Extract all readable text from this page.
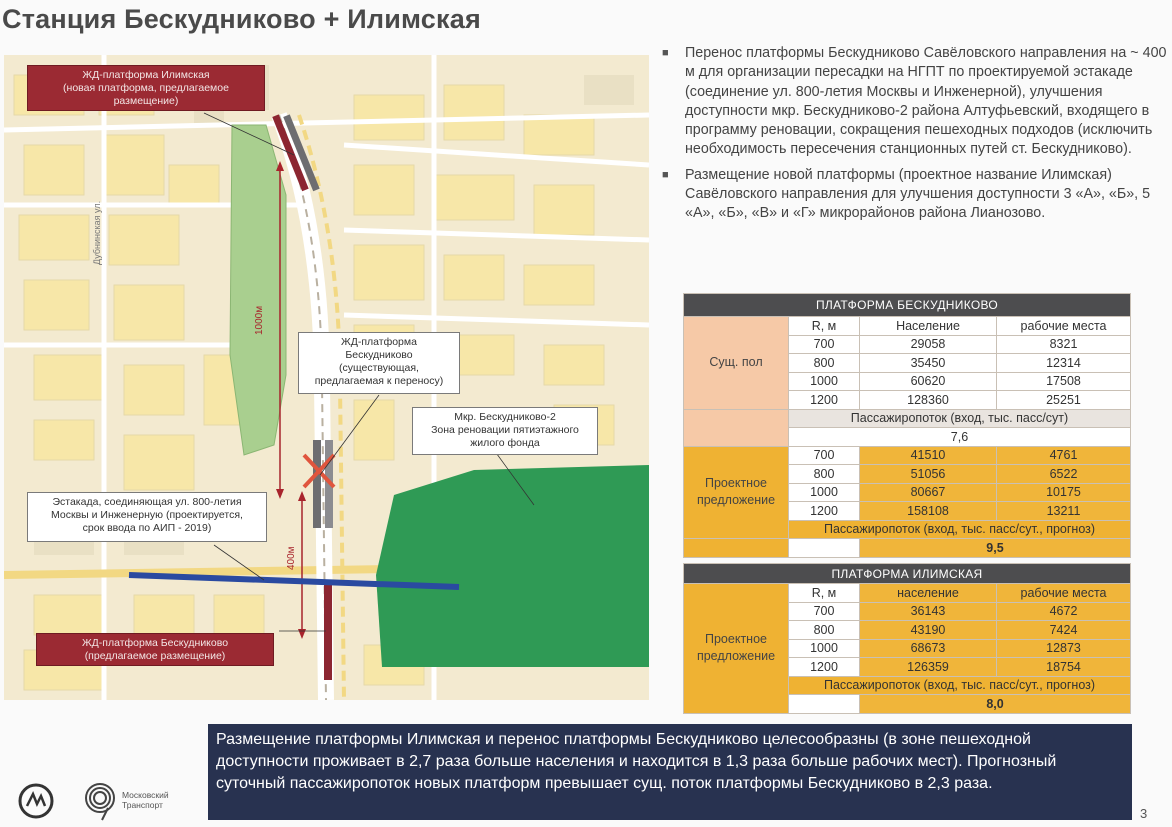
Станция Бескудниково + Илимская
1000м
400м
Дубнинская ул.
ЖД-платформа Илимская
(новая платформа, предлагаемое размещение)
ЖД-платформа
Бескудниково
(существующая,
предлагаемая к переносу)
Мкр. Бескудниково-2
Зона реновации пятиэтажного
жилого фонда
Эстакада, соединяющая ул. 800-летия
Москвы и Инженерную (проектируется,
срок ввода по АИП - 2019)
ЖД-платформа Бескудниково
(предлагаемое размещение)
■ Перенос платформы Бескудниково Савёловского направления на ~ 400 м для организации пересадки на НГПТ по проектируемой эстакаде (соединение ул. 800-летия Москвы и Инженерной), улучшения доступности мкр. Бескудниково-2 района Алтуфьевский, входящего в программу реновации, сокращения пешеходных подходов (исключить необходимость пересечения станционных путей ст. Бескудниково).
■ Размещение новой платформы (проектное название Илимская) Савёловского направления для улучшения доступности 3 «А», «Б», 5 «А», «Б», «В» и «Г» микрорайонов района Лианозово.
ПЛАТФОРМА БЕСКУДНИКОВО			
Сущ. пол	R, м	Население	рабочие места
	700	29058	8321
	800	35450	12314
	1000	60620	17508
	1200	128360	25251
	Пассажиропоток (вход, тыс. пасс/сут)		
	7,6		
Проектное предложение	700	41510	4761
	800	51056	6522
	1000	80667	10175
	1200	158108	13211
	Пассажиропоток (вход, тыс. пасс/сут., прогноз)		
		9,5	
ПЛАТФОРМА ИЛИМСКАЯ			
Проектное предложение	R, м	население	рабочие места
	700	36143	4672
	800	43190	7424
	1000	68673	12873
	1200	126359	18754
	Пассажиропоток (вход, тыс. пасс/сут., прогноз)		
		8,0	
Размещение платформы Илимская и перенос платформы Бескудниково целесообразны (в зоне пешеходной доступности проживает в 2,7 раза больше населения и находится в 1,3 раза больше рабочих мест). Прогнозный суточный пассажиропоток новых платформ превышает сущ. поток платформы Бескудниково в 2,3 раза.
Московский
Транспорт
3
